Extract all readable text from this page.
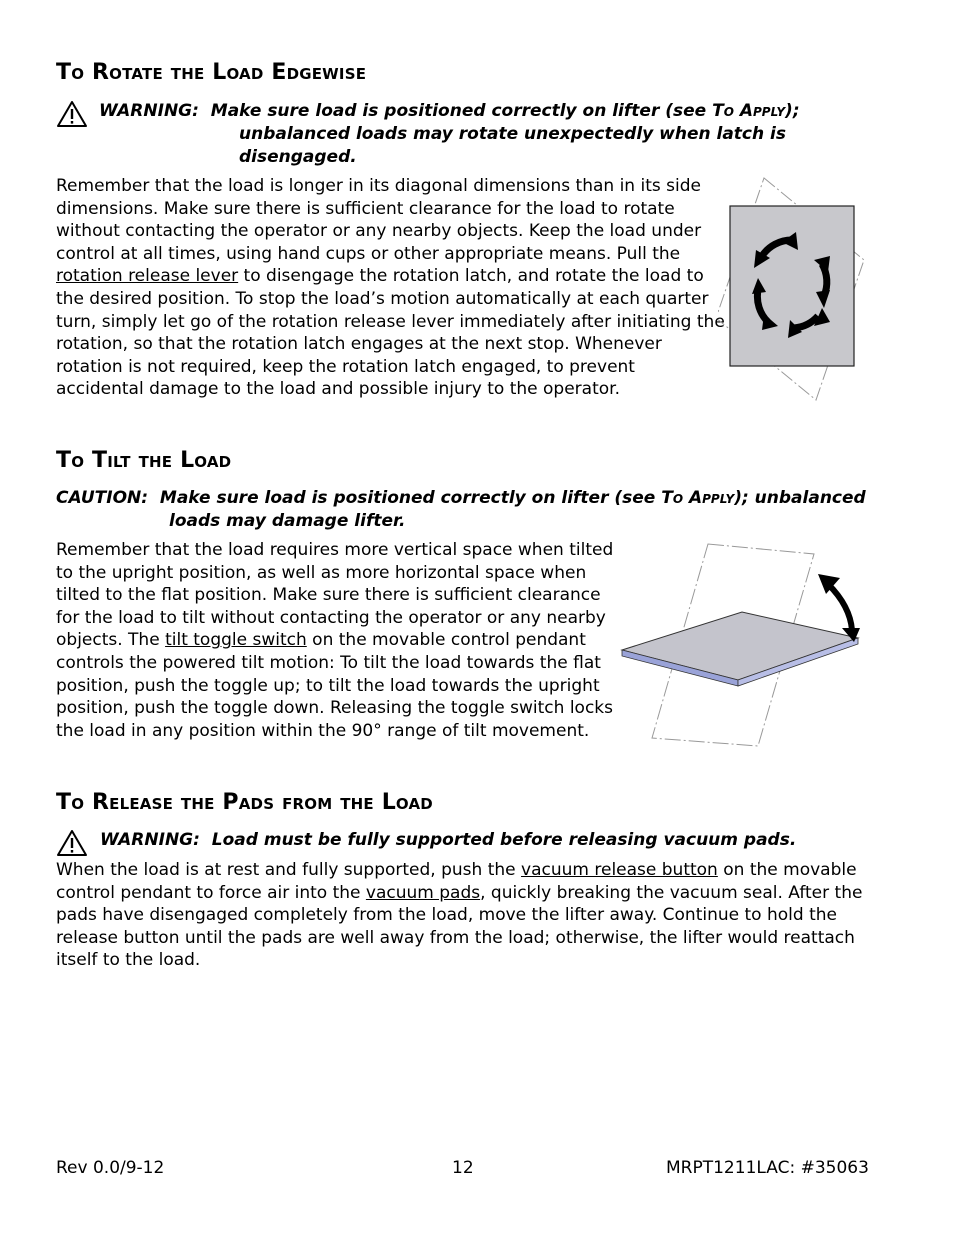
To Rotate the Load Edgewise
WARNING: Make sure load is positioned correctly on lifter (see To Apply);
unbalanced loads may rotate unexpectedly when latch is
disengaged.
Remember that the load is longer in its diagonal dimensions than in its side
dimensions. Make sure there is sufficient clearance for the load to rotate
without contacting the operator or any nearby objects. Keep the load under
control at all times, using hand cups or other appropriate means. Pull the
rotation release lever to disengage the rotation latch, and rotate the load to
the desired position. To stop the load’s motion automatically at each quarter
turn, simply let go of the rotation release lever immediately after initiating the
rotation, so that the rotation latch engages at the next stop. Whenever
rotation is not required, keep the rotation latch engaged, to prevent
accidental damage to the load and possible injury to the operator.
To Tilt the Load
CAUTION: Make sure load is positioned correctly on lifter (see To Apply); unbalanced
loads may damage lifter.
Remember that the load requires more vertical space when tilted
to the upright position, as well as more horizontal space when
tilted to the flat position. Make sure there is sufficient clearance
for the load to tilt without contacting the operator or any nearby
objects. The tilt toggle switch on the movable control pendant
controls the powered tilt motion: To tilt the load towards the flat
position, push the toggle up; to tilt the load towards the upright
position, push the toggle down. Releasing the toggle switch locks
the load in any position within the 90° range of tilt movement.
To Release the Pads from the Load
WARNING: Load must be fully supported before releasing vacuum pads.
When the load is at rest and fully supported, push the vacuum release button on the movable
control pendant to force air into the vacuum pads, quickly breaking the vacuum seal. After the
pads have disengaged completely from the load, move the lifter away. Continue to hold the
release button until the pads are well away from the load; otherwise, the lifter would reattach
itself to the load.
Rev 0.0/9-12	12	MRPT1211LAC: #35063
